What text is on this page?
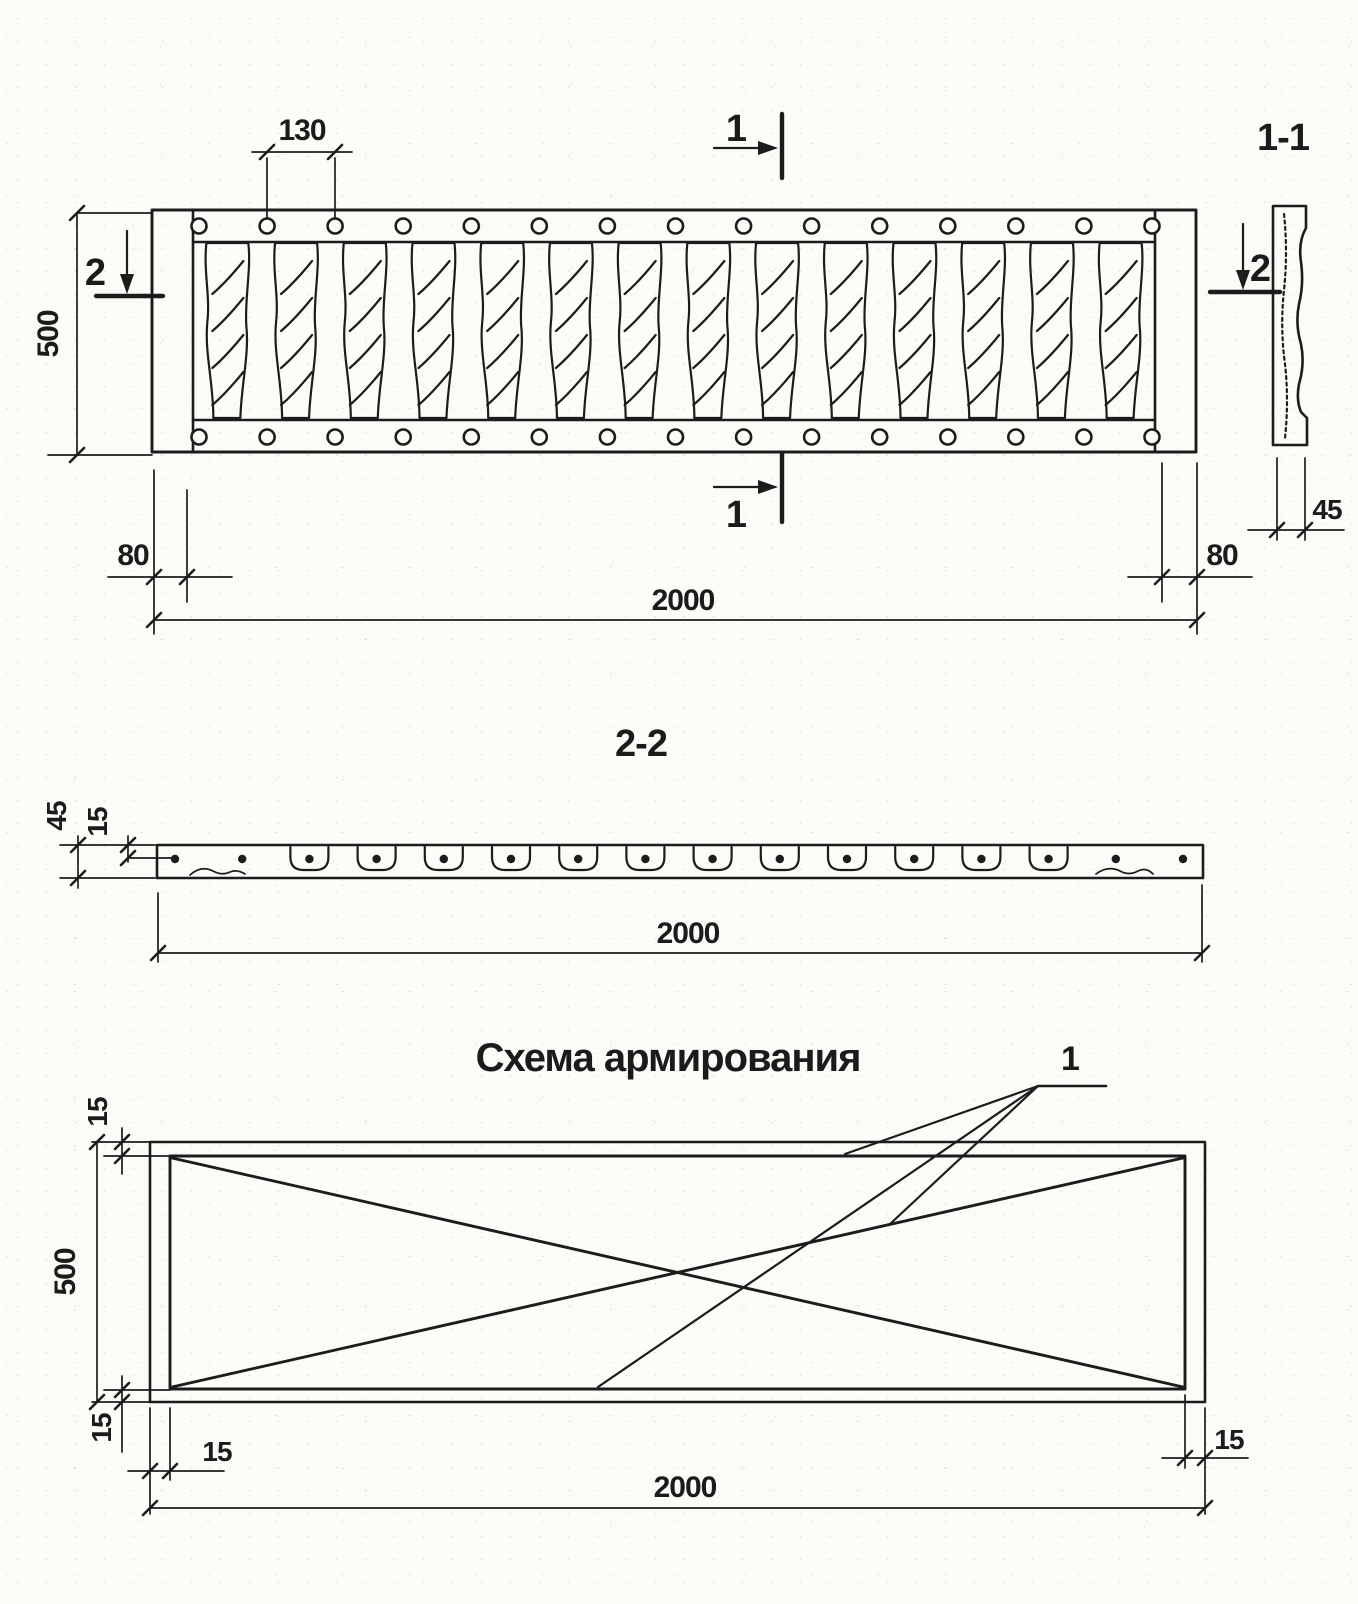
1
1
2	2
130
500
80	80
2000
1-1
45
2-2
45 15
2000
Схема армирования	1
15
500
15
15	15
2000
